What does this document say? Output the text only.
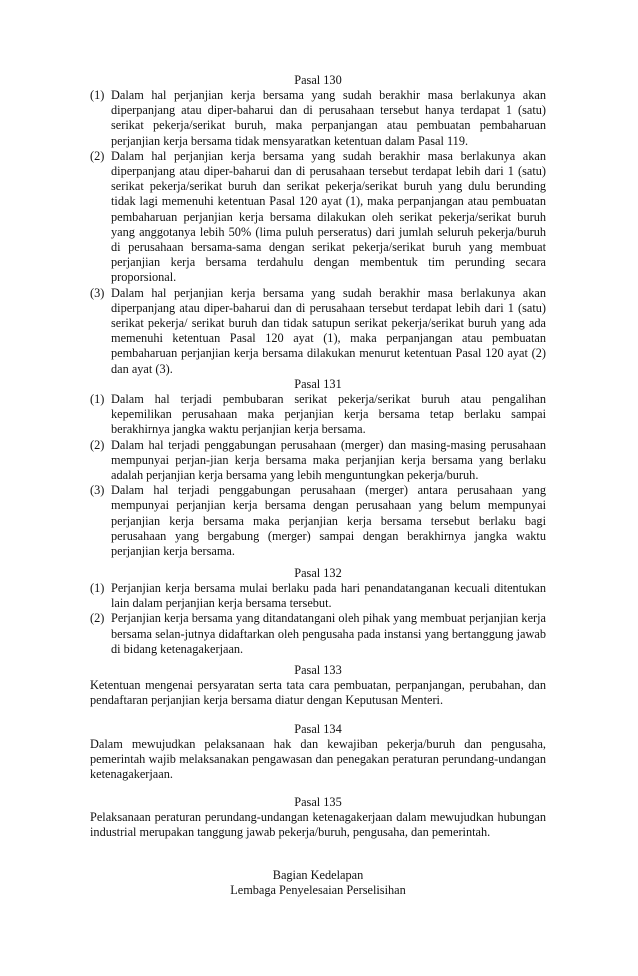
Pasal 130
(1) Dalam hal perjanjian kerja bersama yang sudah berakhir masa berlakunya akan diperpanjang atau diper-baharui dan di perusahaan tersebut hanya terdapat 1 (satu) serikat pekerja/serikat buruh, maka perpanjangan atau pembuatan pembaharuan perjanjian kerja bersama tidak mensyaratkan ketentuan dalam Pasal 119.
(2) Dalam hal perjanjian kerja bersama yang sudah berakhir masa berlakunya akan diperpanjang atau diper-baharui dan di perusahaan tersebut terdapat lebih dari 1 (satu) serikat pekerja/serikat buruh dan serikat pekerja/serikat buruh yang dulu berunding tidak lagi memenuhi ketentuan Pasal 120 ayat (1), maka perpanjangan atau pembuatan pembaharuan perjanjian kerja bersama dilakukan oleh serikat pekerja/serikat buruh yang anggotanya lebih 50% (lima puluh perseratus) dari jumlah seluruh pekerja/buruh di perusahaan bersama-sama dengan serikat pekerja/serikat buruh yang membuat perjanjian kerja bersama terdahulu dengan membentuk tim perunding secara proporsional.
(3) Dalam hal perjanjian kerja bersama yang sudah berakhir masa berlakunya akan diperpanjang atau diper-baharui dan di perusahaan tersebut terdapat lebih dari 1 (satu) serikat pekerja/ serikat buruh dan tidak satupun serikat pekerja/serikat buruh yang ada memenuhi ketentuan Pasal 120 ayat (1), maka perpanjangan atau pembuatan pembaharuan perjanjian kerja bersama dilakukan menurut ketentuan Pasal 120 ayat (2) dan ayat (3).
Pasal 131
(1) Dalam hal terjadi pembubaran serikat pekerja/serikat buruh atau pengalihan kepemilikan perusahaan maka perjanjian kerja bersama tetap berlaku sampai berakhirnya jangka waktu perjanjian kerja bersama.
(2) Dalam hal terjadi penggabungan perusahaan (merger) dan masing-masing perusahaan mempunyai perjan-jian kerja bersama maka perjanjian kerja bersama yang berlaku adalah perjanjian kerja bersama yang lebih menguntungkan pekerja/buruh.
(3) Dalam hal terjadi penggabungan perusahaan (merger) antara perusahaan yang mempunyai perjanjian kerja bersama dengan perusahaan yang belum mempunyai perjanjian kerja bersama maka perjanjian kerja bersama tersebut berlaku bagi perusahaan yang bergabung (merger) sampai dengan berakhirnya jangka waktu perjanjian kerja bersama.
Pasal 132
(1) Perjanjian kerja bersama mulai berlaku pada hari penandatanganan kecuali ditentukan lain dalam perjanjian kerja bersama tersebut.
(2) Perjanjian kerja bersama yang ditandatangani oleh pihak yang membuat perjanjian kerja bersama selan-jutnya didaftarkan oleh pengusaha pada instansi yang bertanggung jawab di bidang ketenagakerjaan.
Pasal 133
Ketentuan mengenai persyaratan serta tata cara pembuatan, perpanjangan, perubahan, dan pendaftaran perjanjian kerja bersama diatur dengan Keputusan Menteri.
Pasal 134
Dalam mewujudkan pelaksanaan hak dan kewajiban pekerja/buruh dan pengusaha, pemerintah wajib melaksanakan pengawasan dan penegakan peraturan perundang-undangan ketenagakerjaan.
Pasal 135
Pelaksanaan peraturan perundang-undangan ketenagakerjaan dalam mewujudkan hubungan industrial merupakan tanggung jawab pekerja/buruh, pengusaha, dan pemerintah.
Bagian Kedelapan
Lembaga Penyelesaian Perselisihan
